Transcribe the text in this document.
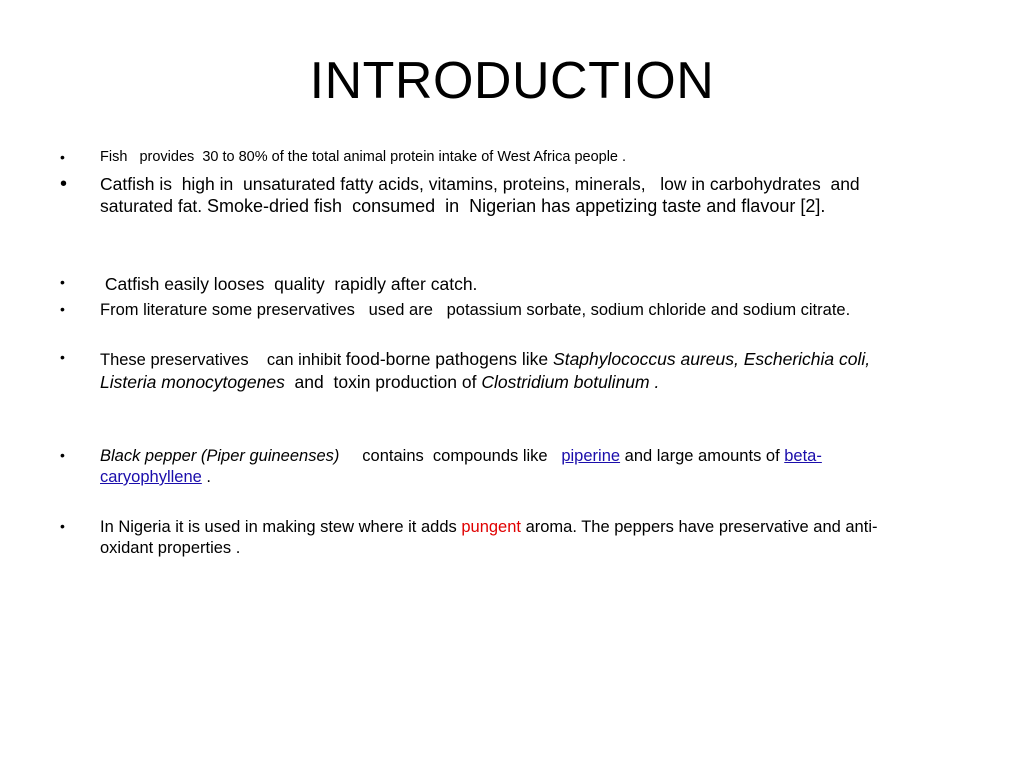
INTRODUCTION
• Fish   provides  30 to 80% of the total animal protein intake of West Africa people .
• Catfish is  high in  unsaturated fatty acids, vitamins, proteins, minerals,   low in carbohydrates  and saturated fat. Smoke-dried fish  consumed  in  Nigerian has appetizing taste and flavour [2].
• Catfish easily looses  quality  rapidly after catch.
• From literature some preservatives   used are   potassium sorbate, sodium chloride and sodium citrate.
• These preservatives    can inhibit food-borne pathogens like Staphylococcus aureus, Escherichia coli, Listeria monocytogenes  and  toxin production of Clostridium botulinum .
• Black pepper (Piper guineenses)     contains  compounds like   piperine and large amounts of beta-caryophyllene .
• In Nigeria it is used in making stew where it adds pungent aroma. The peppers have preservative and anti-oxidant properties .
